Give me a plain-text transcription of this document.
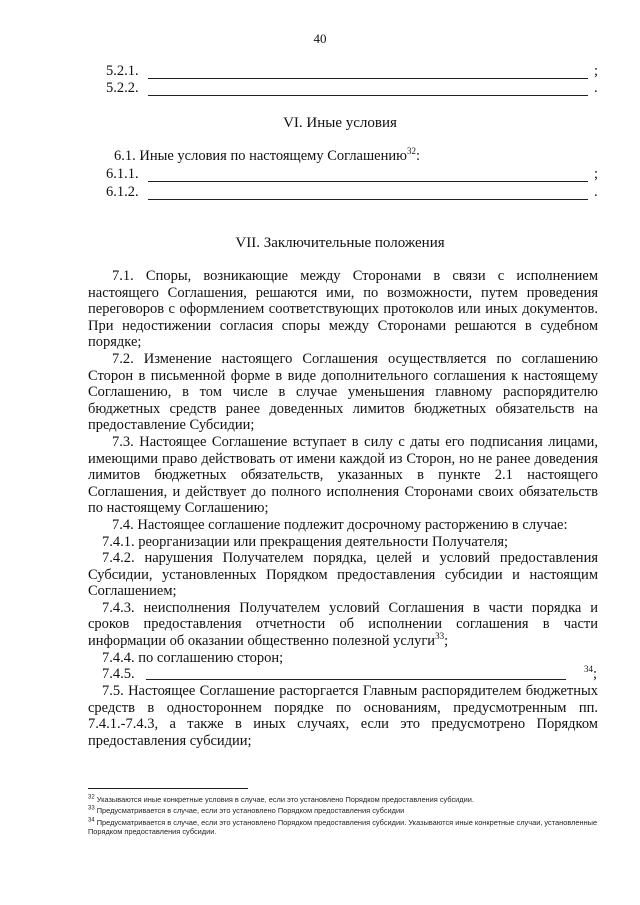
40
5.2.1.	;
5.2.2.	.
VI. Иные условия
6.1. Иные условия по настоящему Соглашению$^{32}$:
6.1.1.	;
6.1.2.	.
VII. Заключительные положения

7.1. Споры, возникающие между Сторонами в связи с исполнением настоящего Соглашения, решаются ими, по возможности, путем проведения переговоров с оформлением соответствующих протоколов или иных документов. При недостижении согласия споры между Сторонами решаются в судебном порядке;

7.2. Изменение настоящего Соглашения осуществляется по соглашению Сторон в письменной форме в виде дополнительного соглашения к настоящему Соглашению, в том числе в случае уменьшения главному распорядителю бюджетных средств ранее доведенных лимитов бюджетных обязательств на предоставление Субсидии;

7.3. Настоящее Соглашение вступает в силу с даты его подписания лицами, имеющими право действовать от имени каждой из Сторон, но не ранее доведения лимитов бюджетных обязательств, указанных в пункте 2.1 настоящего Соглашения, и действует до полного исполнения Сторонами своих обязательств по настоящему Соглашению;

7.4. Настоящее соглашение подлежит досрочному расторжению в случае:

7.4.1. реорганизации или прекращения деятельности Получателя;

7.4.2. нарушения Получателем порядка, целей и условий предоставления Субсидии, установленных Порядком предоставления субсидии и настоящим Соглашением;

7.4.3. неисполнения Получателем условий Соглашения в части порядка и сроков предоставления отчетности об исполнении соглашения в части информации об оказании общественно полезной услуги$^{33}$;

7.4.4. по соглашению сторон;

7.4.5.	$^{34}$;

7.5. Настоящее Соглашение расторгается Главным распорядителем бюджетных средств в одностороннем порядке по основаниям, предусмотренным пп. 7.4.1.-7.4.3, а также в иных случаях, если это предусмотрено Порядком предоставления субсидии;

$^{32}$ Указываются иные конкретные условия в случае, если это установлено Порядком предоставления субсидии.
$^{33}$ Предусматривается в случае, если это установлено Порядком предоставления субсидии
$^{34}$ Предусматривается в случае, если это установлено Порядком предоставления субсидии. Указываются иные конкретные случаи, установленные Порядком предоставления субсидии.
